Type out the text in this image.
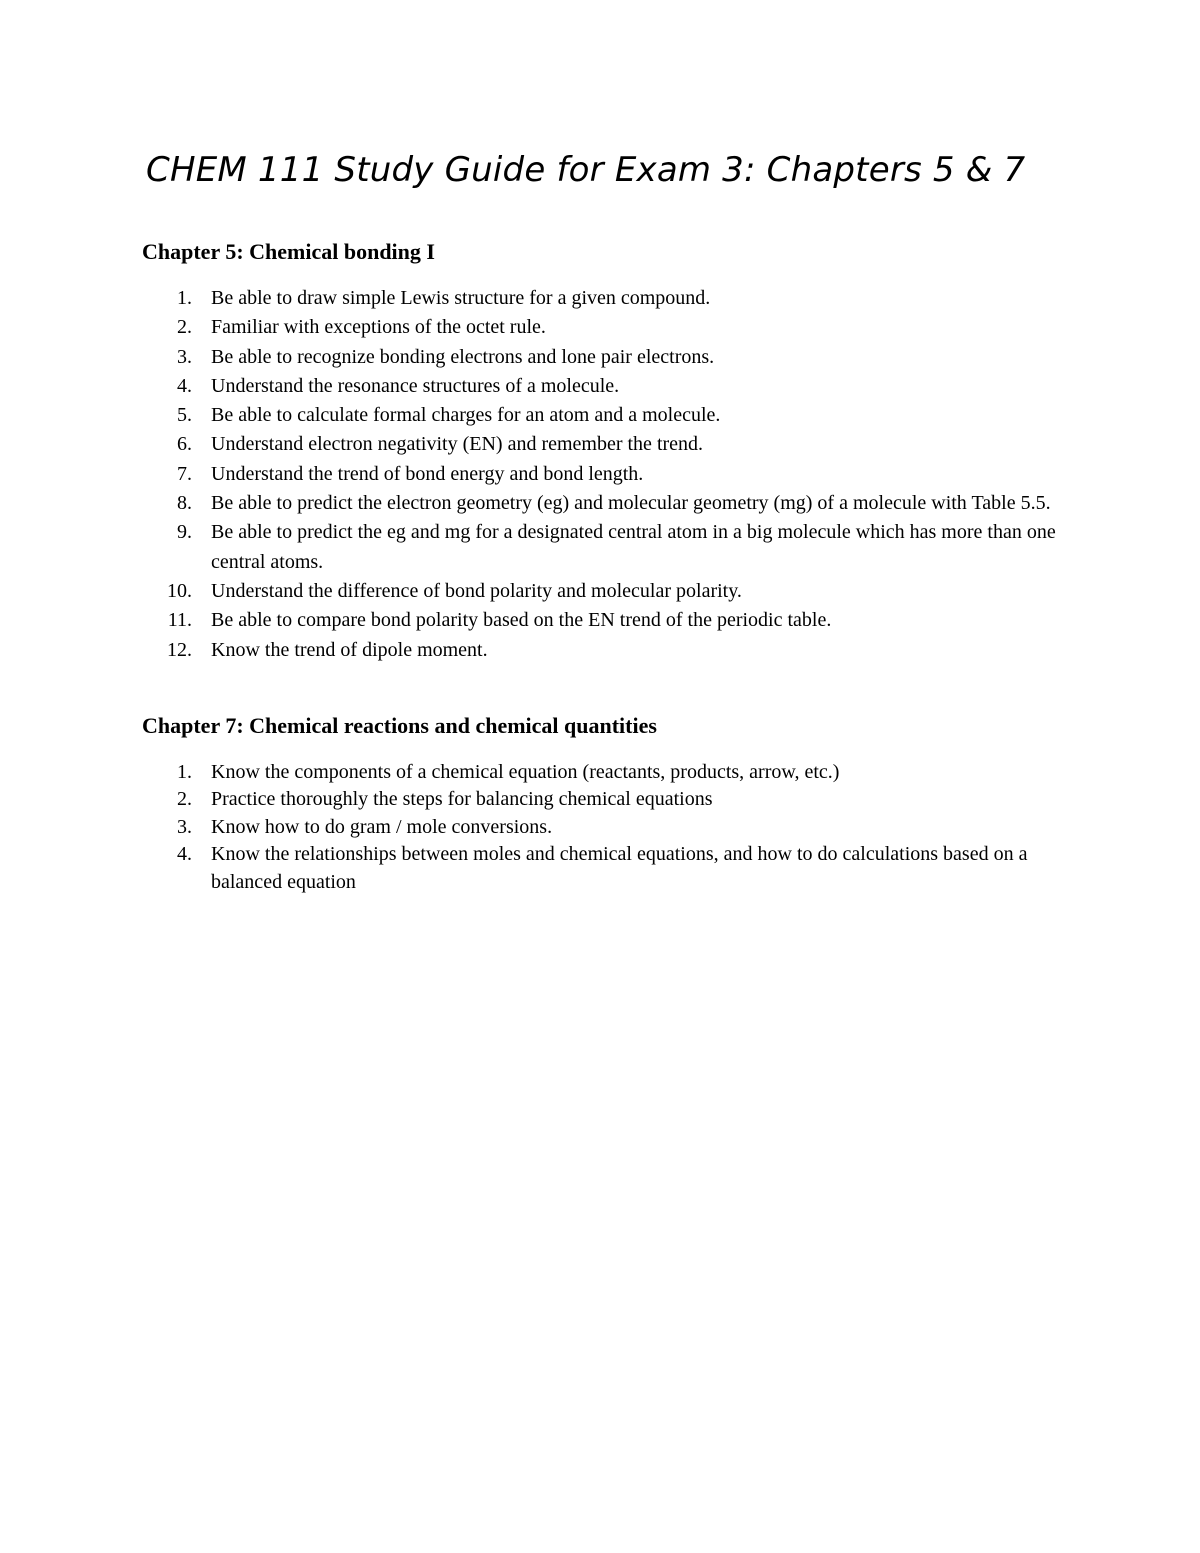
CHEM 111 Study Guide for Exam 3: Chapters 5 & 7
Chapter 5: Chemical bonding I
1. Be able to draw simple Lewis structure for a given compound.
2. Familiar with exceptions of the octet rule.
3. Be able to recognize bonding electrons and lone pair electrons.
4. Understand the resonance structures of a molecule.
5. Be able to calculate formal charges for an atom and a molecule.
6. Understand electron negativity (EN) and remember the trend.
7. Understand the trend of bond energy and bond length.
8. Be able to predict the electron geometry (eg) and molecular geometry (mg) of a molecule with Table 5.5.
9. Be able to predict the eg and mg for a designated central atom in a big molecule which has more than one central atoms.
10. Understand the difference of bond polarity and molecular polarity.
11. Be able to compare bond polarity based on the EN trend of the periodic table.
12. Know the trend of dipole moment.
Chapter 7: Chemical reactions and chemical quantities
1. Know the components of a chemical equation (reactants, products, arrow, etc.)
2. Practice thoroughly the steps for balancing chemical equations
3. Know how to do gram / mole conversions.
4. Know the relationships between moles and chemical equations, and how to do calculations based on a balanced equation
